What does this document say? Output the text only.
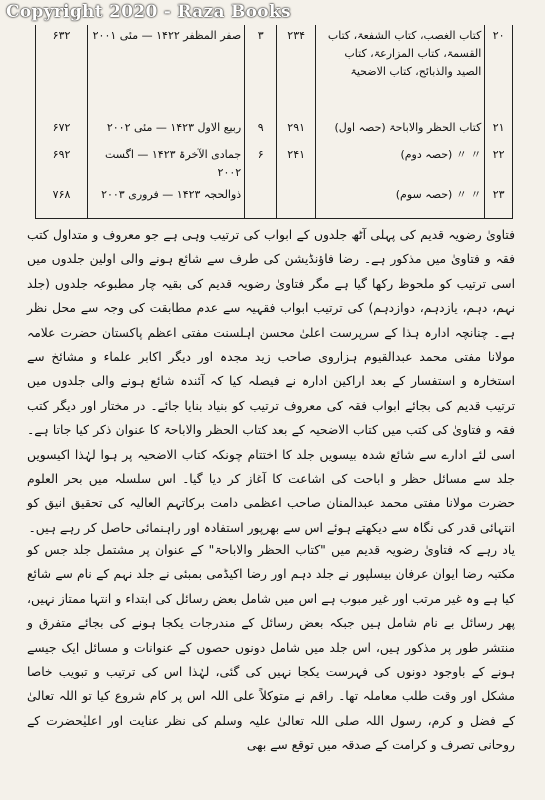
Copyright 2020 - Raza Books
۲۰	کتاب الغصب، کتاب الشفعۃ، کتاب القسمۃ، کتاب المزارعۃ، کتاب الصید والذبائح، کتاب الاضحیۃ	۲۳۴	۳	صفر المظفر ۱۴۲۲ — مئی ۲۰۰۱	۶۳۲
۲۱	کتاب الحظر والاباحۃ (حصہ اول)	۲۹۱	۹	ربیع الاول ۱۴۲۳ — مئی ۲۰۰۲	۶۷۲
۲۲	〃 〃 (حصہ دوم)	۲۴۱	۶	جمادی الآخرۃ ۱۴۲۳ — اگست ۲۰۰۲	۶۹۲
۲۳	〃 〃 (حصہ سوم)			ذوالحجہ ۱۴۲۳ — فروری ۲۰۰۳	۷۶۸

فتاویٰ رضویہ قدیم کی پہلی آٹھ جلدوں کے ابواب کی ترتیب وہی ہے جو معروف و متداول کتب فقہ و فتاویٰ میں مذکور ہے۔ رضا فاؤنڈیشن کی طرف سے شائع ہونے والی اولین جلدوں میں اسی ترتیب کو ملحوظ رکھا گیا ہے مگر فتاویٰ رضویہ قدیم کی بقیہ چار مطبوعہ جلدوں (جلد نہم، دہم، یازدہم، دوازدہم) کی ترتیب ابواب فقہیہ سے عدم مطابقت کی وجہ سے محل نظر ہے۔ چنانچہ ادارہ ہذا کے سرپرست اعلیٰ محسن اہلسنت مفتی اعظم پاکستان حضرت علامہ مولانا مفتی محمد عبدالقیوم ہزاروی صاحب زید مجدہ اور دیگر اکابر علماء و مشائخ سے استخارہ و استفسار کے بعد اراکین ادارہ نے فیصلہ کیا کہ آئندہ شائع ہونے والی جلدوں میں ترتیب قدیم کی بجائے ابواب فقہ کی معروف ترتیب کو بنیاد بنایا جائے۔ در مختار اور دیگر کتب فقہ و فتاویٰ کی کتب میں کتاب الاضحیہ کے بعد کتاب الحظر والاباحۃ کا عنوان ذکر کیا جاتا ہے۔ اسی لئے ادارے سے شائع شدہ بیسویں جلد کا اختتام چونکہ کتاب الاضحیہ پر ہوا لہٰذا اکیسویں جلد سے مسائل حظر و اباحت کی اشاعت کا آغاز کر دیا گیا۔ اس سلسلہ میں بحر العلوم حضرت مولانا مفتی محمد عبدالمنان صاحب اعظمی دامت برکاتہم العالیہ کی تحقیق انیق کو انتہائی قدر کی نگاہ سے دیکھتے ہوئے اس سے بھرپور استفادہ اور راہنمائی حاصل کر رہے ہیں۔

یاد رہے کہ فتاویٰ رضویہ قدیم میں "کتاب الحظر والاباحۃ" کے عنوان پر مشتمل جلد جس کو مکتبہ رضا ایوان عرفان بیسلپور نے جلد دہم اور رضا اکیڈمی بمبئی نے جلد نہم کے نام سے شائع کیا ہے وہ غیر مرتب اور غیر مبوب ہے اس میں شامل بعض رسائل کی ابتداء و انتہا ممتاز نہیں، پھر رسائل بے نام شامل ہیں جبکہ بعض رسائل کے مندرجات یکجا ہونے کی بجائے متفرق و منتشر طور پر مذکور ہیں، اس جلد میں شامل دونوں حصوں کے عنوانات و مسائل ایک جیسے ہونے کے باوجود دونوں کی فہرست یکجا نہیں کی گئی، لہٰذا اس کی ترتیب و تبویب خاصا مشکل اور وقت طلب معاملہ تھا۔ راقم نے متوکلاً علی اللہ اس پر کام شروع کیا تو اللہ تعالیٰ کے فضل و کرم، رسول اللہ صلی اللہ تعالیٰ علیہ وسلم کی نظر عنایت اور اعلیٰحضرت کے روحانی تصرف و کرامت کے صدقہ میں توقع سے بھی
